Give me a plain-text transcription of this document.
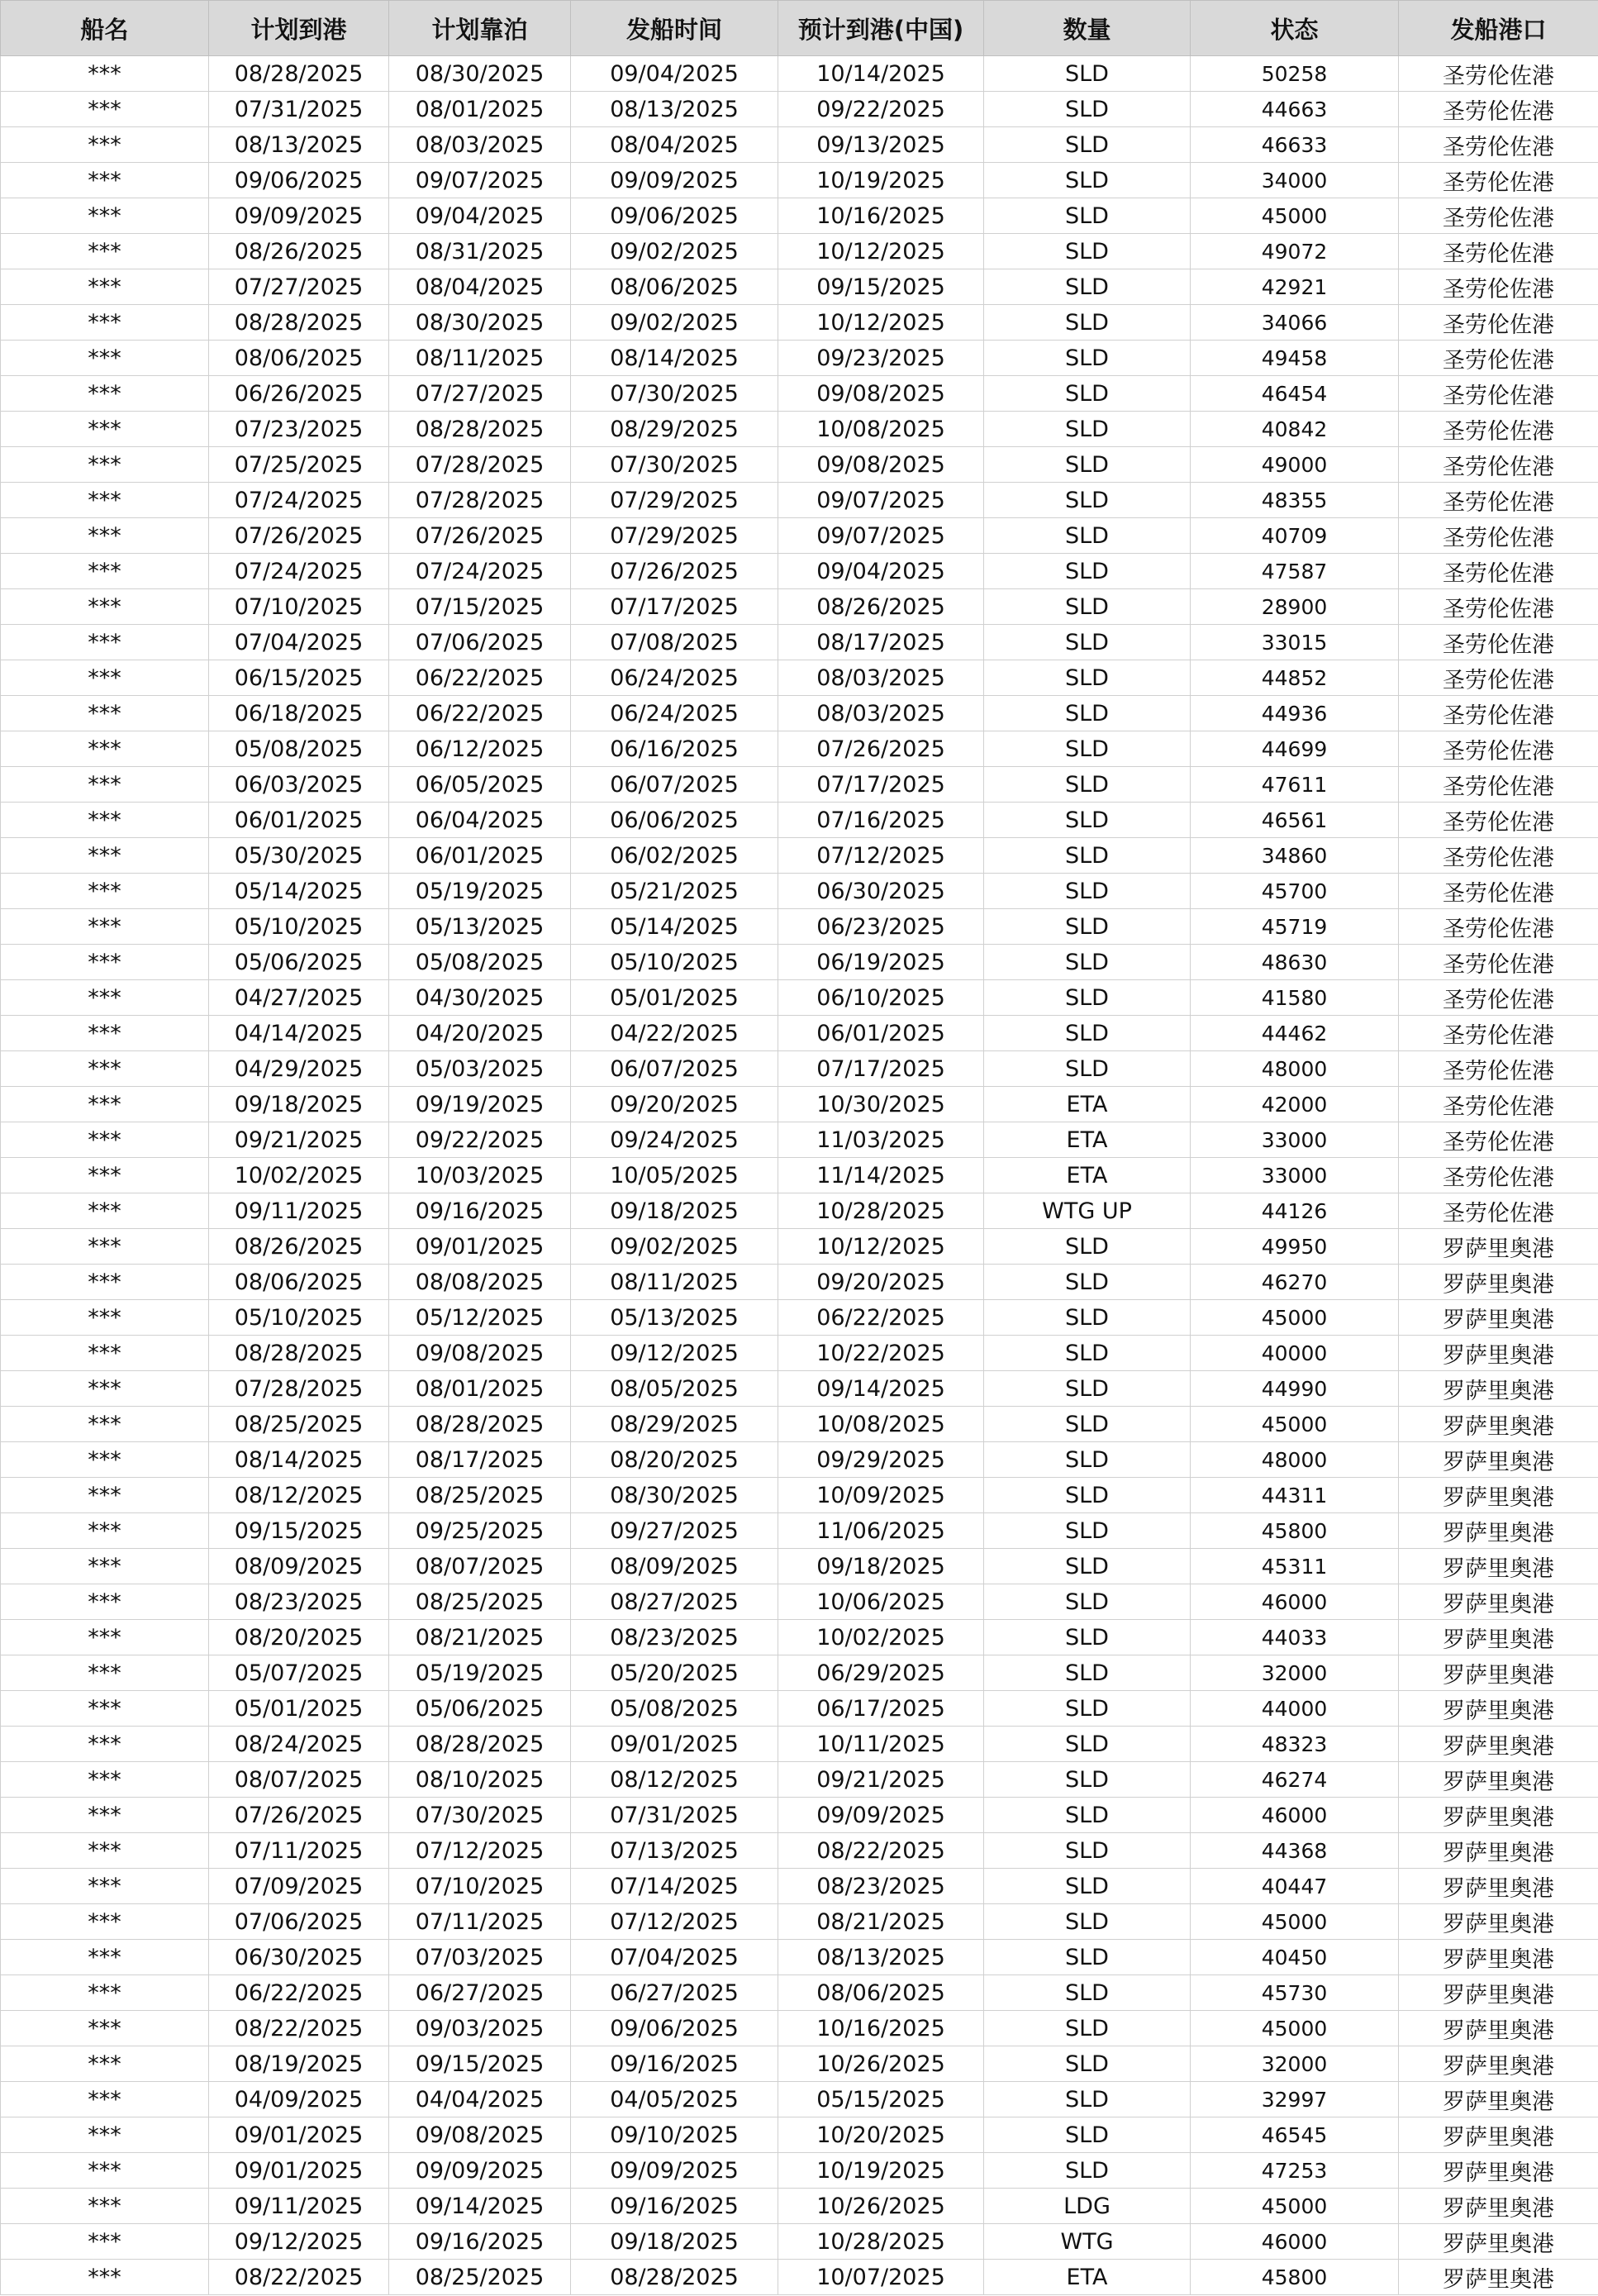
船名	计划到港	计划靠泊	发船时间	预计到港(中国)	数量	状态	发船港口
***	08/28/2025	08/30/2025	09/04/2025	10/14/2025	SLD	50258	圣劳伦佐港
***	07/31/2025	08/01/2025	08/13/2025	09/22/2025	SLD	44663	圣劳伦佐港
***	08/13/2025	08/03/2025	08/04/2025	09/13/2025	SLD	46633	圣劳伦佐港
***	09/06/2025	09/07/2025	09/09/2025	10/19/2025	SLD	34000	圣劳伦佐港
***	09/09/2025	09/04/2025	09/06/2025	10/16/2025	SLD	45000	圣劳伦佐港
***	08/26/2025	08/31/2025	09/02/2025	10/12/2025	SLD	49072	圣劳伦佐港
***	07/27/2025	08/04/2025	08/06/2025	09/15/2025	SLD	42921	圣劳伦佐港
***	08/28/2025	08/30/2025	09/02/2025	10/12/2025	SLD	34066	圣劳伦佐港
***	08/06/2025	08/11/2025	08/14/2025	09/23/2025	SLD	49458	圣劳伦佐港
***	06/26/2025	07/27/2025	07/30/2025	09/08/2025	SLD	46454	圣劳伦佐港
***	07/23/2025	08/28/2025	08/29/2025	10/08/2025	SLD	40842	圣劳伦佐港
***	07/25/2025	07/28/2025	07/30/2025	09/08/2025	SLD	49000	圣劳伦佐港
***	07/24/2025	07/28/2025	07/29/2025	09/07/2025	SLD	48355	圣劳伦佐港
***	07/26/2025	07/26/2025	07/29/2025	09/07/2025	SLD	40709	圣劳伦佐港
***	07/24/2025	07/24/2025	07/26/2025	09/04/2025	SLD	47587	圣劳伦佐港
***	07/10/2025	07/15/2025	07/17/2025	08/26/2025	SLD	28900	圣劳伦佐港
***	07/04/2025	07/06/2025	07/08/2025	08/17/2025	SLD	33015	圣劳伦佐港
***	06/15/2025	06/22/2025	06/24/2025	08/03/2025	SLD	44852	圣劳伦佐港
***	06/18/2025	06/22/2025	06/24/2025	08/03/2025	SLD	44936	圣劳伦佐港
***	05/08/2025	06/12/2025	06/16/2025	07/26/2025	SLD	44699	圣劳伦佐港
***	06/03/2025	06/05/2025	06/07/2025	07/17/2025	SLD	47611	圣劳伦佐港
***	06/01/2025	06/04/2025	06/06/2025	07/16/2025	SLD	46561	圣劳伦佐港
***	05/30/2025	06/01/2025	06/02/2025	07/12/2025	SLD	34860	圣劳伦佐港
***	05/14/2025	05/19/2025	05/21/2025	06/30/2025	SLD	45700	圣劳伦佐港
***	05/10/2025	05/13/2025	05/14/2025	06/23/2025	SLD	45719	圣劳伦佐港
***	05/06/2025	05/08/2025	05/10/2025	06/19/2025	SLD	48630	圣劳伦佐港
***	04/27/2025	04/30/2025	05/01/2025	06/10/2025	SLD	41580	圣劳伦佐港
***	04/14/2025	04/20/2025	04/22/2025	06/01/2025	SLD	44462	圣劳伦佐港
***	04/29/2025	05/03/2025	06/07/2025	07/17/2025	SLD	48000	圣劳伦佐港
***	09/18/2025	09/19/2025	09/20/2025	10/30/2025	ETA	42000	圣劳伦佐港
***	09/21/2025	09/22/2025	09/24/2025	11/03/2025	ETA	33000	圣劳伦佐港
***	10/02/2025	10/03/2025	10/05/2025	11/14/2025	ETA	33000	圣劳伦佐港
***	09/11/2025	09/16/2025	09/18/2025	10/28/2025	WTG UP	44126	圣劳伦佐港
***	08/26/2025	09/01/2025	09/02/2025	10/12/2025	SLD	49950	罗萨里奥港
***	08/06/2025	08/08/2025	08/11/2025	09/20/2025	SLD	46270	罗萨里奥港
***	05/10/2025	05/12/2025	05/13/2025	06/22/2025	SLD	45000	罗萨里奥港
***	08/28/2025	09/08/2025	09/12/2025	10/22/2025	SLD	40000	罗萨里奥港
***	07/28/2025	08/01/2025	08/05/2025	09/14/2025	SLD	44990	罗萨里奥港
***	08/25/2025	08/28/2025	08/29/2025	10/08/2025	SLD	45000	罗萨里奥港
***	08/14/2025	08/17/2025	08/20/2025	09/29/2025	SLD	48000	罗萨里奥港
***	08/12/2025	08/25/2025	08/30/2025	10/09/2025	SLD	44311	罗萨里奥港
***	09/15/2025	09/25/2025	09/27/2025	11/06/2025	SLD	45800	罗萨里奥港
***	08/09/2025	08/07/2025	08/09/2025	09/18/2025	SLD	45311	罗萨里奥港
***	08/23/2025	08/25/2025	08/27/2025	10/06/2025	SLD	46000	罗萨里奥港
***	08/20/2025	08/21/2025	08/23/2025	10/02/2025	SLD	44033	罗萨里奥港
***	05/07/2025	05/19/2025	05/20/2025	06/29/2025	SLD	32000	罗萨里奥港
***	05/01/2025	05/06/2025	05/08/2025	06/17/2025	SLD	44000	罗萨里奥港
***	08/24/2025	08/28/2025	09/01/2025	10/11/2025	SLD	48323	罗萨里奥港
***	08/07/2025	08/10/2025	08/12/2025	09/21/2025	SLD	46274	罗萨里奥港
***	07/26/2025	07/30/2025	07/31/2025	09/09/2025	SLD	46000	罗萨里奥港
***	07/11/2025	07/12/2025	07/13/2025	08/22/2025	SLD	44368	罗萨里奥港
***	07/09/2025	07/10/2025	07/14/2025	08/23/2025	SLD	40447	罗萨里奥港
***	07/06/2025	07/11/2025	07/12/2025	08/21/2025	SLD	45000	罗萨里奥港
***	06/30/2025	07/03/2025	07/04/2025	08/13/2025	SLD	40450	罗萨里奥港
***	06/22/2025	06/27/2025	06/27/2025	08/06/2025	SLD	45730	罗萨里奥港
***	08/22/2025	09/03/2025	09/06/2025	10/16/2025	SLD	45000	罗萨里奥港
***	08/19/2025	09/15/2025	09/16/2025	10/26/2025	SLD	32000	罗萨里奥港
***	04/09/2025	04/04/2025	04/05/2025	05/15/2025	SLD	32997	罗萨里奥港
***	09/01/2025	09/08/2025	09/10/2025	10/20/2025	SLD	46545	罗萨里奥港
***	09/01/2025	09/09/2025	09/09/2025	10/19/2025	SLD	47253	罗萨里奥港
***	09/11/2025	09/14/2025	09/16/2025	10/26/2025	LDG	45000	罗萨里奥港
***	09/12/2025	09/16/2025	09/18/2025	10/28/2025	WTG	46000	罗萨里奥港
***	08/22/2025	08/25/2025	08/28/2025	10/07/2025	ETA	45800	罗萨里奥港
